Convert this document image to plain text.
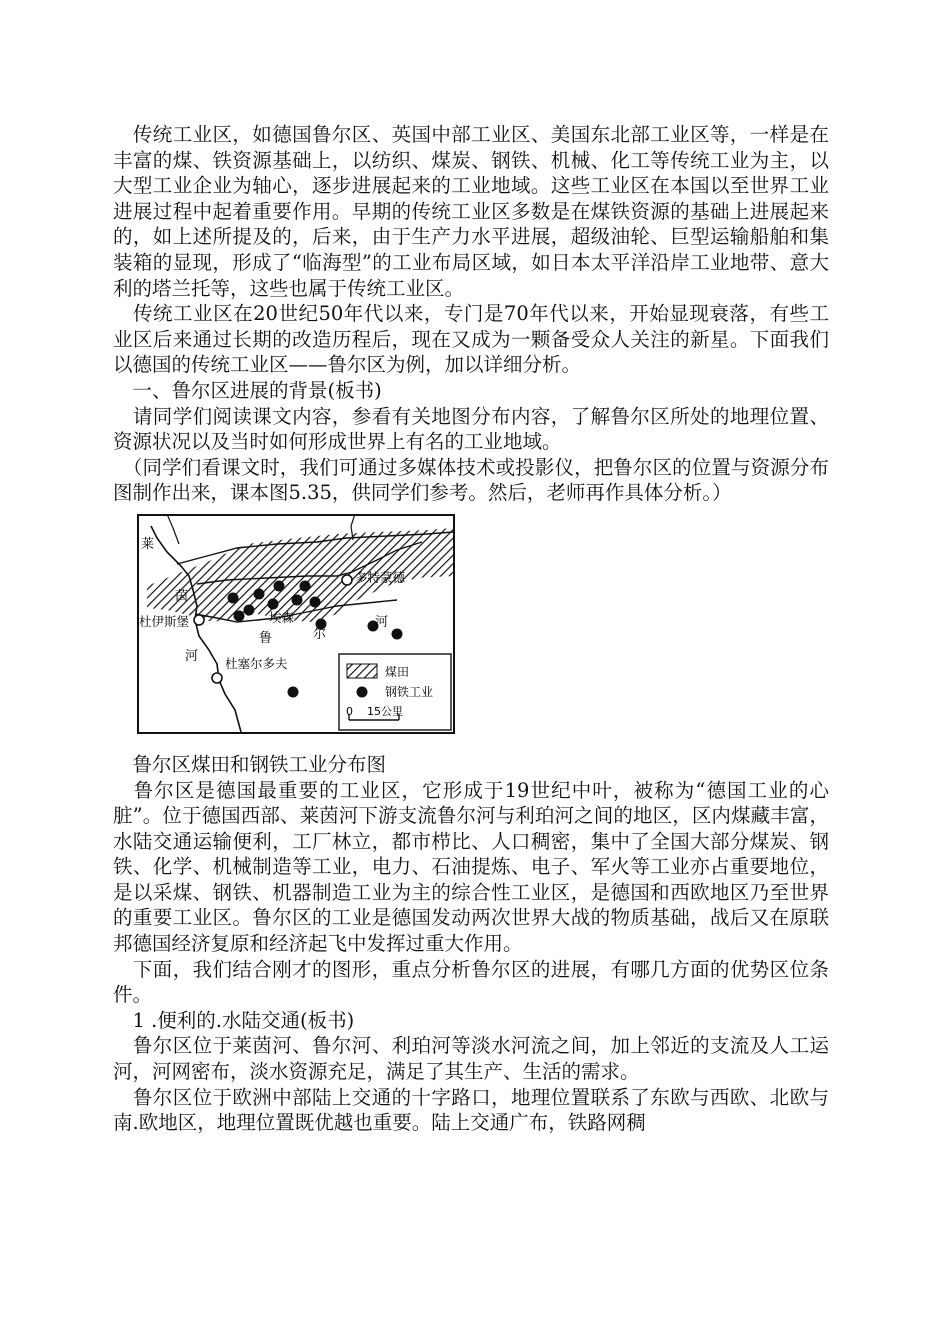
　传统工业区，如德国鲁尔区、英国中部工业区、美国东北部工业区等，一样是在丰富的煤、铁资源基础上，以纺织、煤炭、钢铁、机械、化工等传统工业为主，以大型工业企业为轴心，逐步进展起来的工业地域。这些工业区在本国以至世界工业进展过程中起着重要作用。早期的传统工业区多数是在煤铁资源的基础上进展起来的，如上述所提及的，后来，由于生产力水平进展，超级油轮、巨型运输船舶和集装箱的显现，形成了“临海型”的工业布局区域，如日本太平洋沿岸工业地带、意大利的塔兰托等，这些也属于传统工业区。

　传统工业区在20世纪50年代以来，专门是70年代以来，开始显现衰落，有些工业区后来通过长期的改造历程后，现在又成为一颗备受众人关注的新星。下面我们以德国的传统工业区——鲁尔区为例，加以详细分析。

　一、鲁尔区进展的背景(板书)

　请同学们阅读课文内容，参看有关地图分布内容，了解鲁尔区所处的地理位置、资源状况以及当时如何形成世界上有名的工业地域。

　（同学们看课文时，我们可通过多媒体技术或投影仪，把鲁尔区的位置与资源分布图制作出来，课本图5.35，供同学们参考。然后，老师再作具体分析。）

莱
茵
河
杜伊斯堡	埃森
鲁	尔
河
多特蒙德
杜塞尔多夫
煤田
钢铁工业
0 15公里

　鲁尔区煤田和钢铁工业分布图

　鲁尔区是德国最重要的工业区，它形成于19世纪中叶，被称为“德国工业的心脏”。位于德国西部、莱茵河下游支流鲁尔河与利珀河之间的地区，区内煤藏丰富，水陆交通运输便利，工厂林立，都市栉比、人口稠密，集中了全国大部分煤炭、钢铁、化学、机械制造等工业，电力、石油提炼、电子、军火等工业亦占重要地位，是以采煤、钢铁、机器制造工业为主的综合性工业区，是德国和西欧地区乃至世界的重要工业区。鲁尔区的工业是德国发动两次世界大战的物质基础，战后又在原联邦德国经济复原和经济起飞中发挥过重大作用。

　下面，我们结合刚才的图形，重点分析鲁尔区的进展，有哪几方面的优势区位条件。

　1 .便利的.水陆交通(板书)

　鲁尔区位于莱茵河、鲁尔河、利珀河等淡水河流之间，加上邻近的支流及人工运河，河网密布，淡水资源充足，满足了其生产、生活的需求。

　鲁尔区位于欧洲中部陆上交通的十字路口，地理位置联系了东欧与西欧、北欧与南.欧地区，地理位置既优越也重要。陆上交通广布，铁路网稠
